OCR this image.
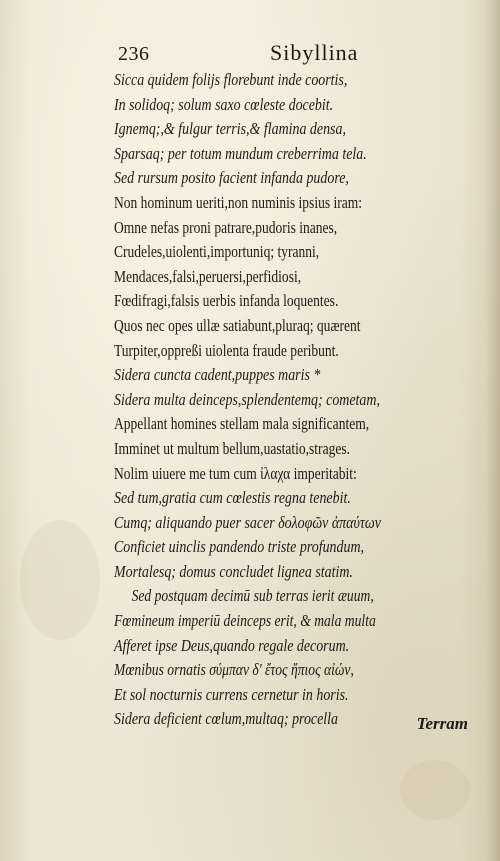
236	Sibyllina
Sicca quidem folijs florebunt inde coortis,
In solidoq; solum saxo cœleste docebit.
Ignemq;,& fulgur terris,& flamina densa,
Sparsaq; per totum mundum creberrima tela.
Sed rursum posito facient infanda pudore,
Non hominum ueriti,non numinis ipsius iram:
Omne nefas proni patrare,pudoris inanes,
Crudeles,uiolenti,importuniq; tyranni,
Mendaces,falsi,peruersi,perfidiosi,
Fœdifragi,falsis uerbis infanda loquentes.
Quos nec opes ullæ satiabunt,pluraq; quærent
Turpiter,oppreßi uiolenta fraude peribunt.
Sidera cuncta cadent,puppes maris *
Sidera multa deinceps,splendentemq; cometam,
Appellant homines stellam mala significantem,
Imminet ut multum bellum,uastatio,strages.
Nolim uiuere me tum cum ἰλαχα imperitabit:
Sed tum,gratia cum cœlestis regna tenebit.
Cumq; aliquando puer sacer δολοφῶν ἀπαύτων
Conficiet uinclis pandendo triste profundum,
Mortalesq; domus concludet lignea statim.
Sed postquam decimū sub terras ierit æuum,
Fœmineum imperiū deinceps erit, & mala multa
Afferet ipse Deus,quando regale decorum.
Mœnibus ornatis σύμπαν δ' ἔτος ἤπιος αἰών,
Et sol nocturnis currens cernetur in horis.
Sidera deficient cœlum,multaq; procella	Terram
